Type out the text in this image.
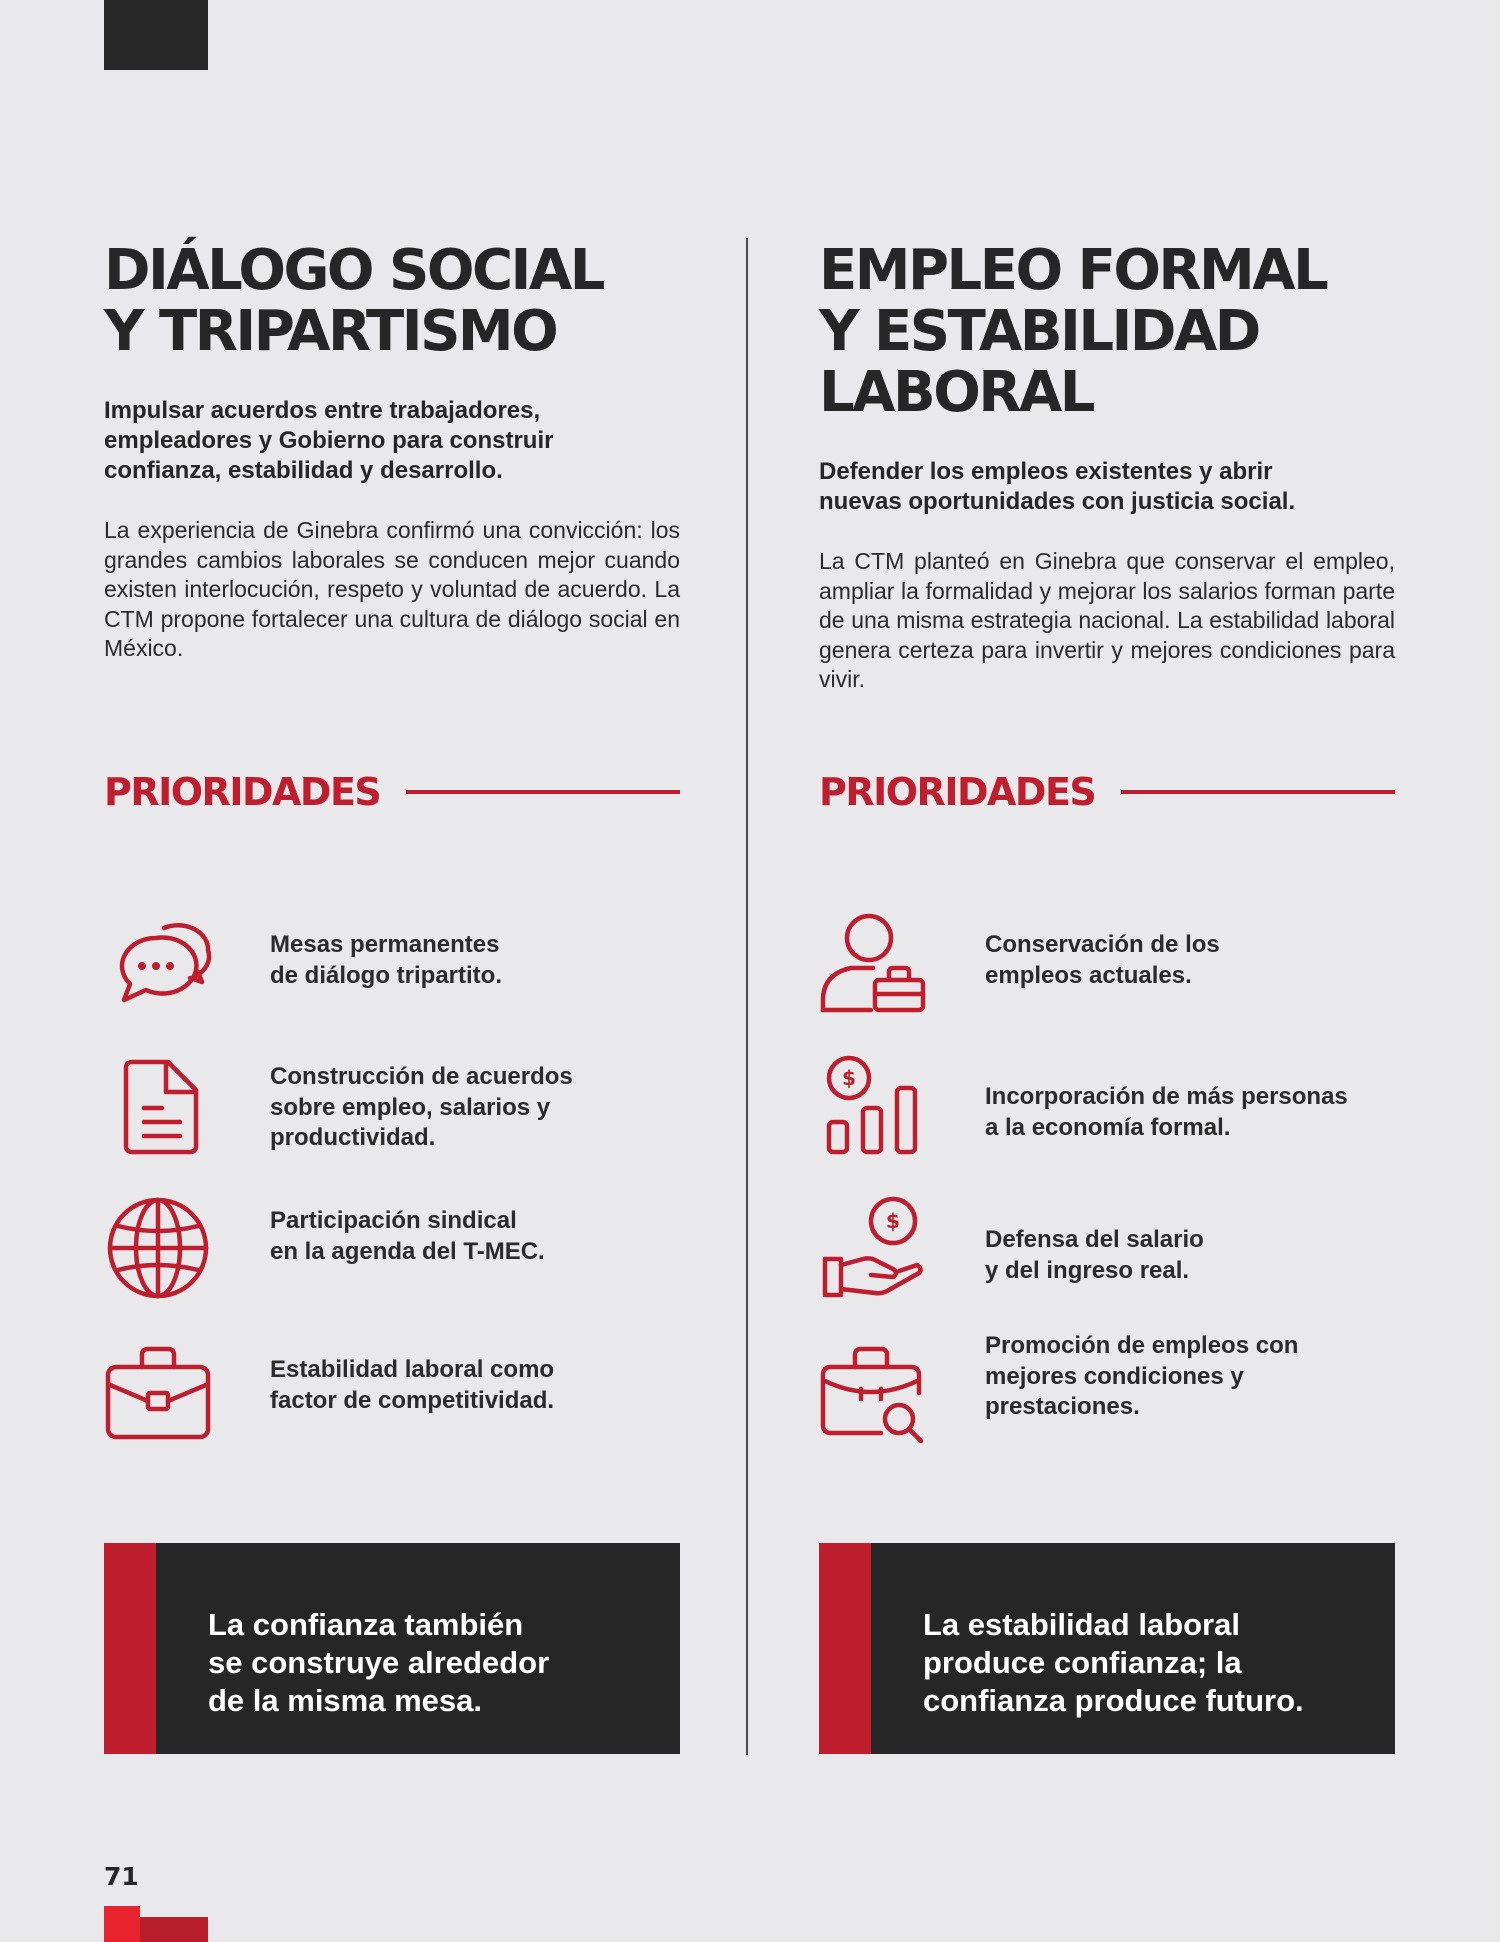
DIÁLOGO SOCIAL
Y TRIPARTISMO

Impulsar acuerdos entre trabajadores,
empleadores y Gobierno para construir
confianza, estabilidad y desarrollo.

La experiencia de Ginebra confirmó una convicción: los grandes cambios laborales se conducen mejor cuando existen interlocución, respeto y voluntad de acuerdo. La CTM propone fortalecer una cultura de diálogo social en México.

PRIORIDADES
Mesas permanentes
de diálogo tripartito.
Construcción de acuerdos
sobre empleo, salarios y
productividad.
Participación sindical
en la agenda del T-MEC.
Estabilidad laboral como
factor de competitividad.
La confianza también
se construye alrededor
de la misma mesa.
EMPLEO FORMAL
Y ESTABILIDAD
LABORAL

Defender los empleos existentes y abrir
nuevas oportunidades con justicia social.

La CTM planteó en Ginebra que conservar el empleo, ampliar la formalidad y mejorar los salarios forman parte de una misma estrategia nacional. La estabilidad laboral genera certeza para invertir y mejores condiciones para vivir.

PRIORIDADES
Conservación de los
empleos actuales.
$
Incorporación de más personas
a la economía formal.
$
Defensa del salario
y del ingreso real.
Promoción de empleos con
mejores condiciones y
prestaciones.
La estabilidad laboral
produce confianza; la
confianza produce futuro.
71
